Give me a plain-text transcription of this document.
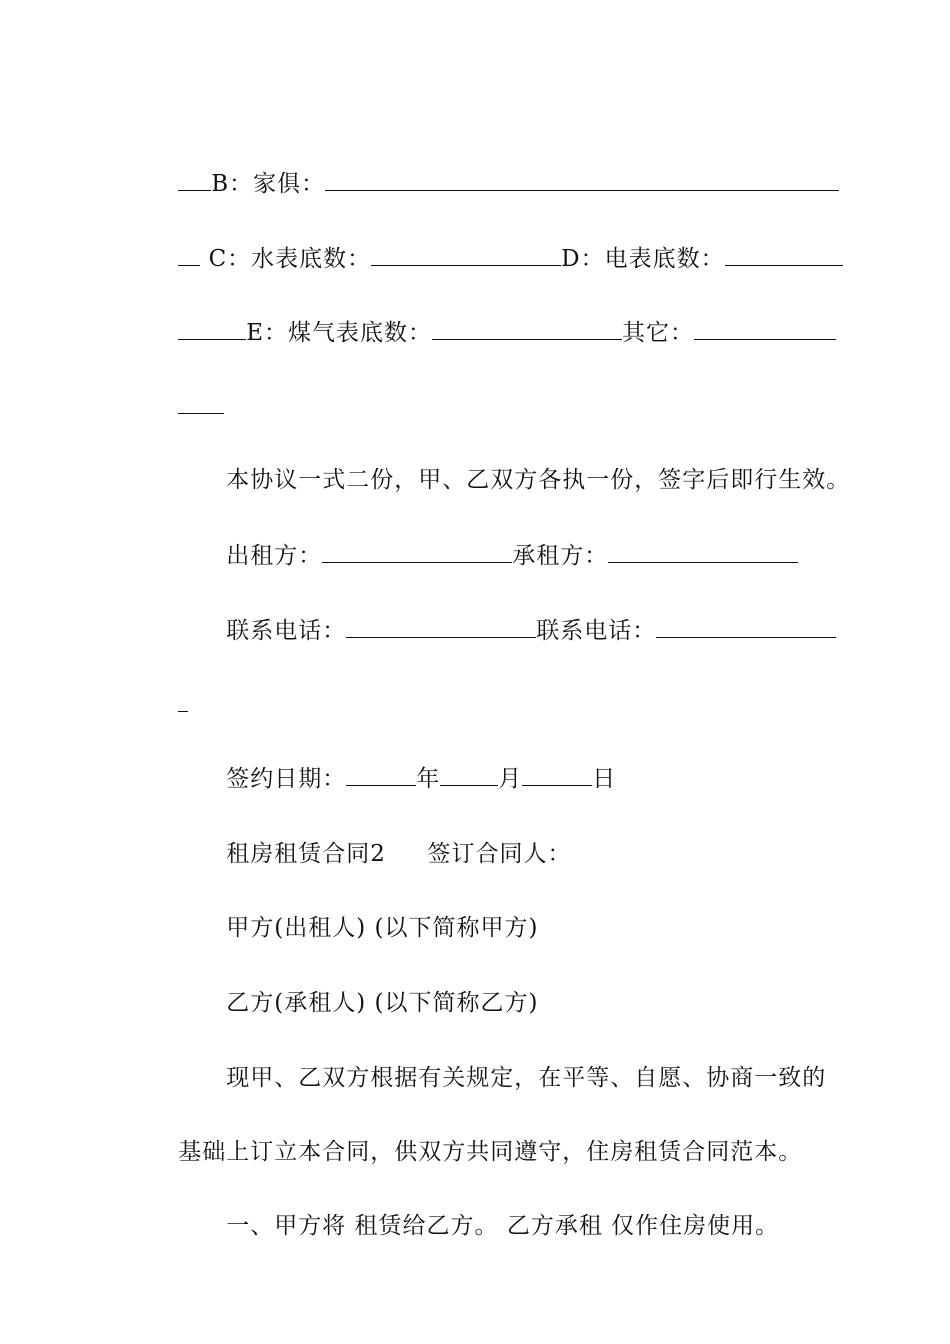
B：家俱：

C：水表底数：	D：电表底数：

E：煤气表底数：	其它：

本协议一式二份，甲、乙双方各执一份，签字后即行生效。

出租方：	承租方：

联系电话：	联系电话：

签约日期：	年	月	日

租房租赁合同2 签订合同人：

甲方(出租人) (以下简称甲方)

乙方(承租人) (以下简称乙方)

现甲、乙双方根据有关规定，在平等、自愿、协商一致的

基础上订立本合同，供双方共同遵守，住房租赁合同范本。

一、甲方将 租赁给乙方。 乙方承租 仅作住房使用。
